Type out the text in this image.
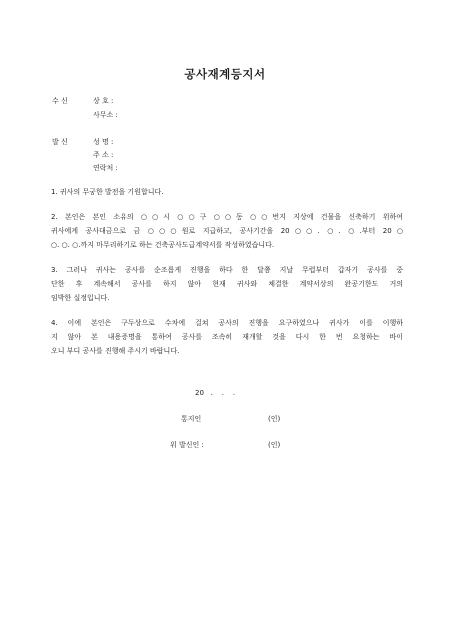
공사재계등지서
수 신	상 호 :
사무소 :
발 신	성 명 :
주 소 :
연락처 :
1. 귀사의 무궁한 발전을 기원합니다.
2. 본인은 본인 소유의 ○○시 ○○구 ○○동 ○○번지 지상에 건물을 신축하기 위하여
귀사에게 공사대금으로 금 ○○○원로 지급하고, 공사기간을 20○○. ○. ○.부터 20○
○. ○. ○.까지 마무리하기로 하는 건축공사도급계약서를 작성하였습니다.
3. 그러나 귀사는 공사를 순조롭게 진행을 하다 한 달쯤 지날 무렵부터 갑자기 공사를 중
단한 후 계속해서 공사를 하지 않아 현재 귀사와 체결한 계약서상의 완공기한도 거의
임박한 실정입니다.
4. 이에 본인은 구두상으로 수차에 걸쳐 공사의 진행을 요구하였으나 귀사가 이를 이행하
지 않아 본 내용증명을 통하여 공사를 조속히 재개할 것을 다시 한 번 요청하는 바이
오니 부디 공사를 진행해 주시기 바랍니다.
20   .    .    .
통지인	(인)
위 발신인 :	(인)
